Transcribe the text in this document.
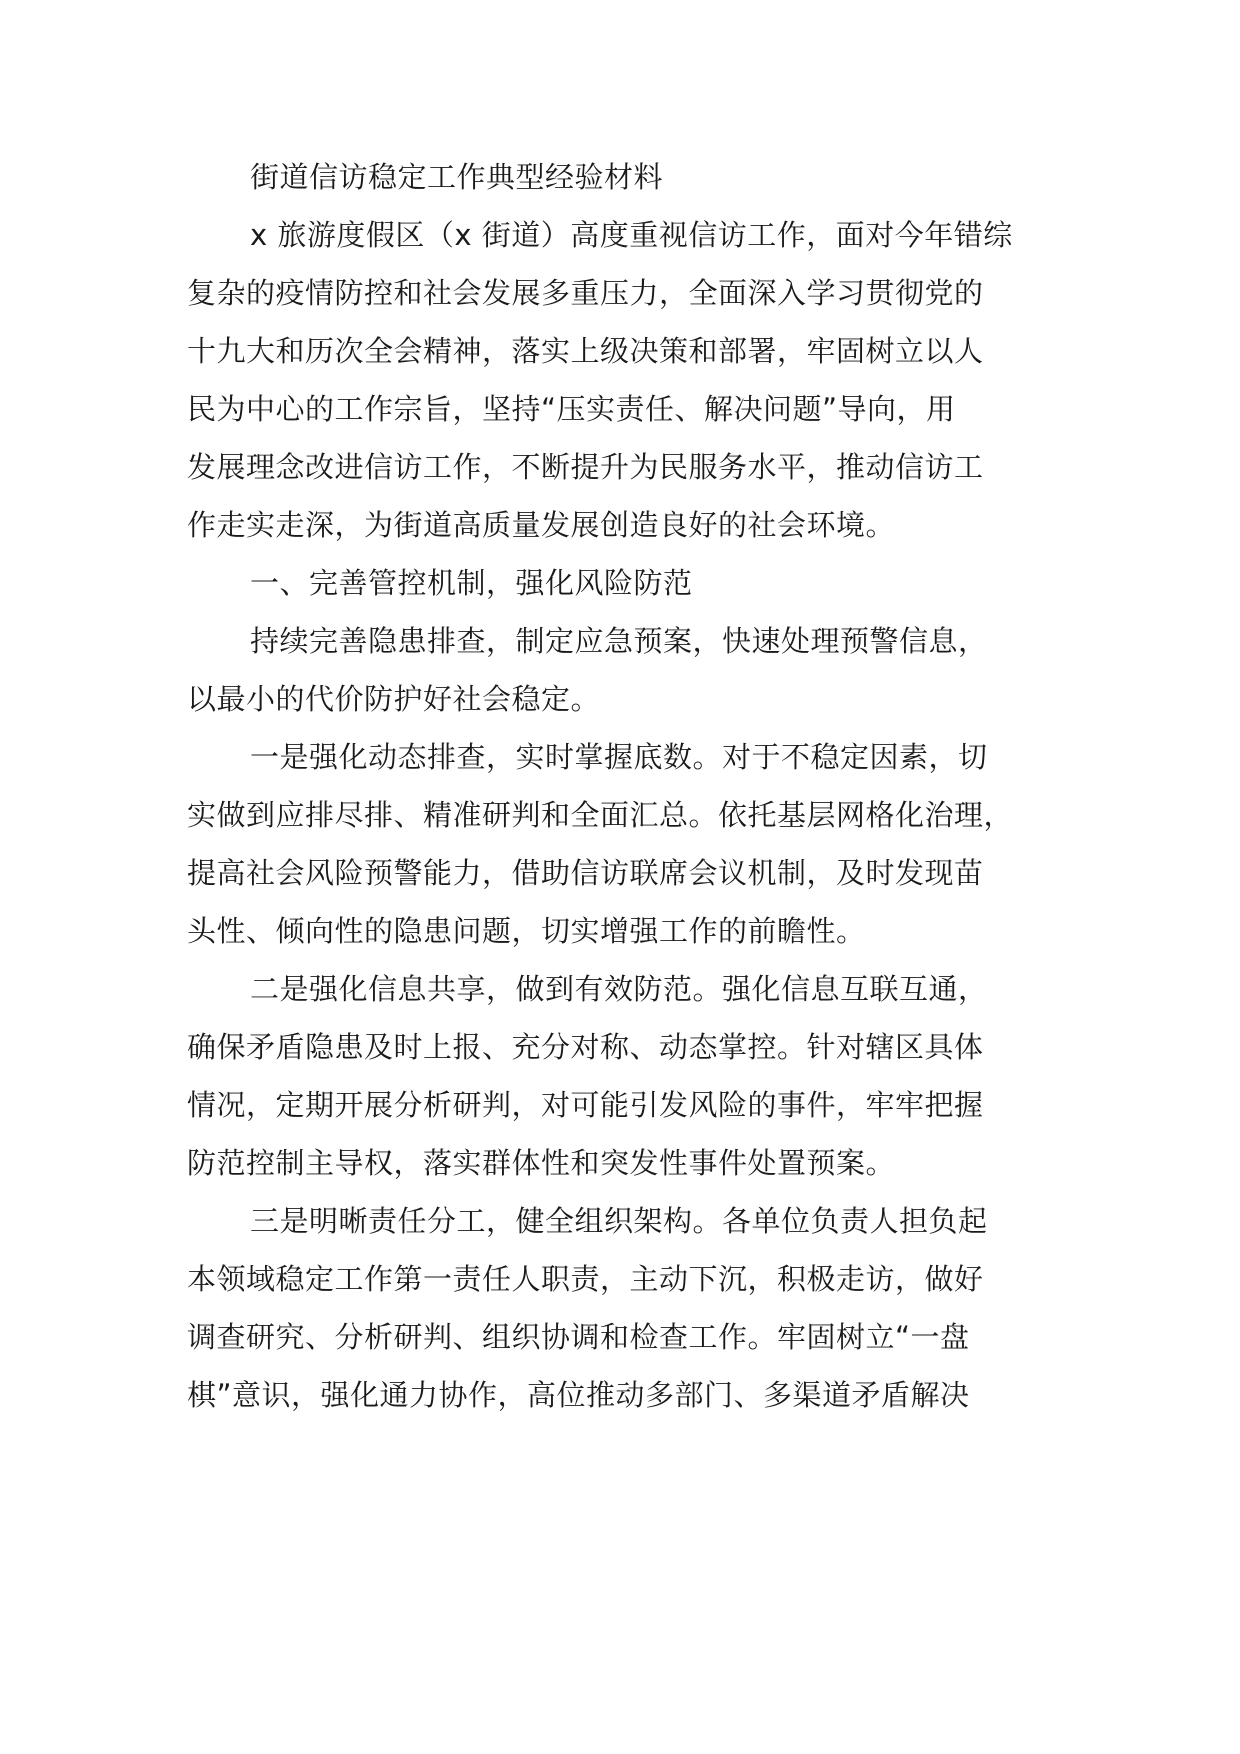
街道信访稳定工作典型经验材料
x 旅游度假区（x 街道）高度重视信访工作，面对今年错综
复杂的疫情防控和社会发展多重压力，全面深入学习贯彻党的
十九大和历次全会精神，落实上级决策和部署，牢固树立以人
民为中心的工作宗旨，坚持“压实责任、解决问题”导向，用
发展理念改进信访工作，不断提升为民服务水平，推动信访工
作走实走深，为街道高质量发展创造良好的社会环境。
一、完善管控机制，强化风险防范
持续完善隐患排查，制定应急预案，快速处理预警信息，
以最小的代价防护好社会稳定。
一是强化动态排查，实时掌握底数。对于不稳定因素，切
实做到应排尽排、精准研判和全面汇总。依托基层网格化治理，
提高社会风险预警能力，借助信访联席会议机制，及时发现苗
头性、倾向性的隐患问题，切实增强工作的前瞻性。
二是强化信息共享，做到有效防范。强化信息互联互通，
确保矛盾隐患及时上报、充分对称、动态掌控。针对辖区具体
情况，定期开展分析研判，对可能引发风险的事件，牢牢把握
防范控制主导权，落实群体性和突发性事件处置预案。
三是明晰责任分工，健全组织架构。各单位负责人担负起
本领域稳定工作第一责任人职责，主动下沉，积极走访，做好
调查研究、分析研判、组织协调和检查工作。牢固树立“一盘
棋”意识，强化通力协作，高位推动多部门、多渠道矛盾解决
